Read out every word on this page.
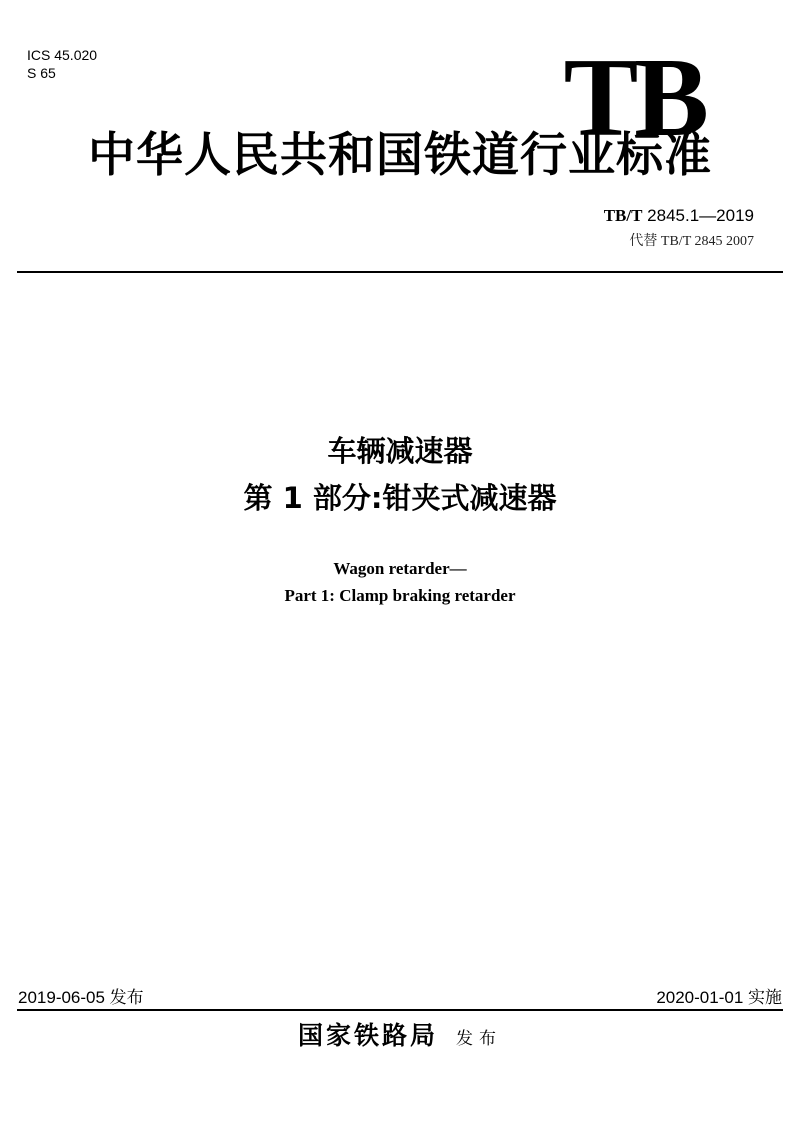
ICS 45.020
S 65	TB
中华人民共和国铁道行业标准
TB/T 2845.1—2019
代替 TB/T 2845 2007
车辆减速器
第 1 部分:钳夹式减速器
Wagon retarder—
Part 1: Clamp braking retarder
2019-06-05 发布	2020-01-01 实施
国家铁路局 发布
